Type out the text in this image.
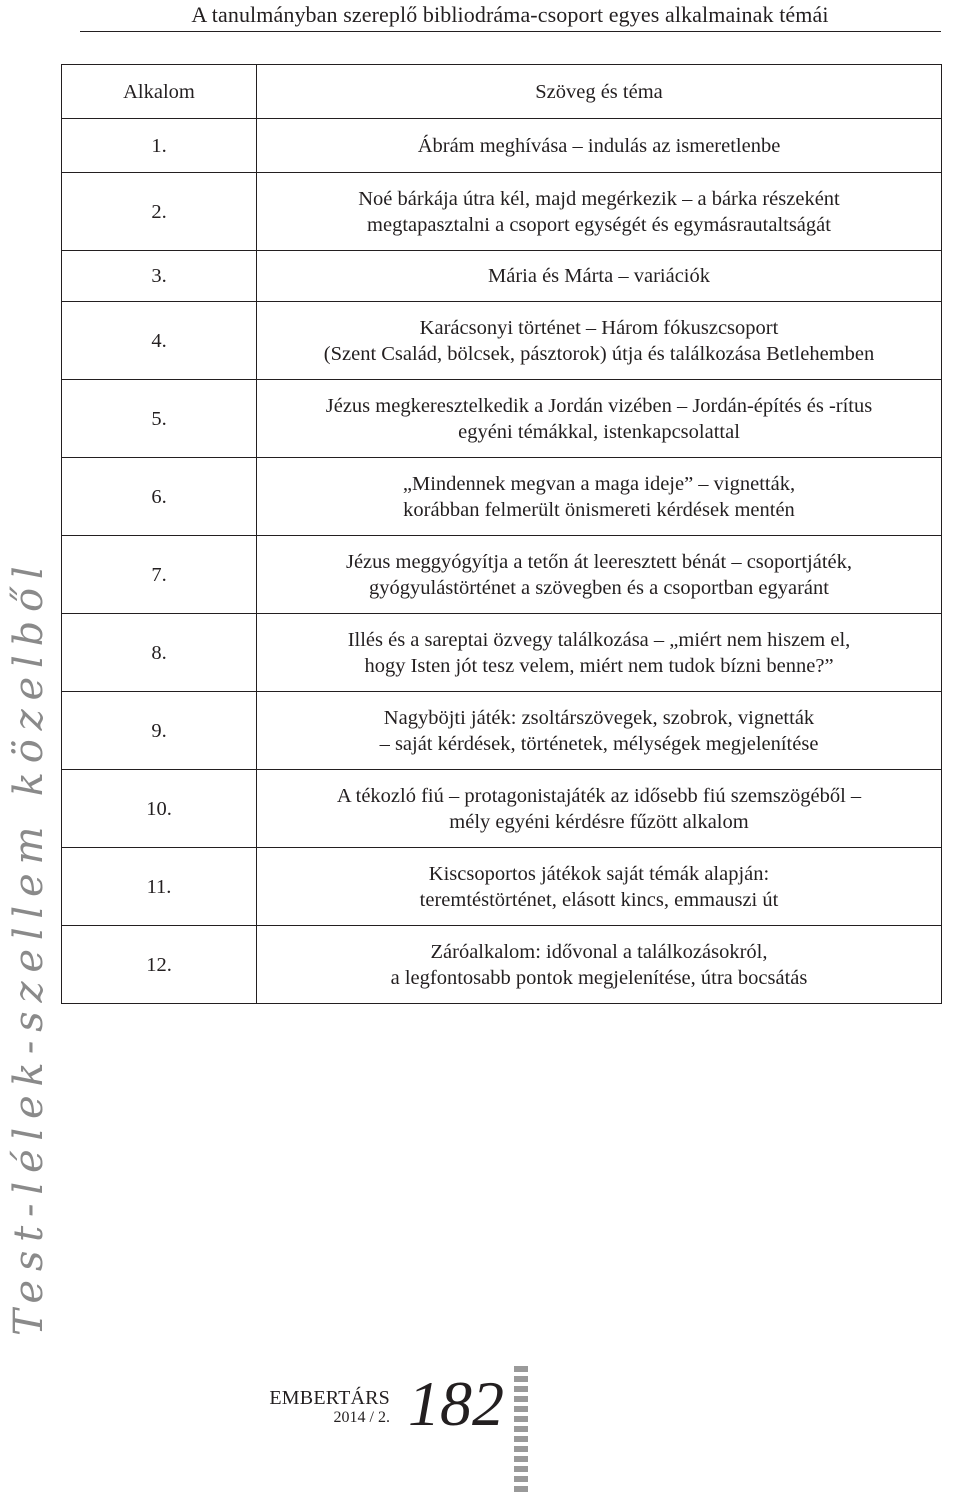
A tanulmányban szereplő bibliodráma-csoport egyes alkalmainak témái
Alkalom	Szöveg és téma
1.	Ábrám meghívása – indulás az ismeretlenbe
2.	Noé bárkája útra kél, majd megérkezik – a bárka részeként
megtapasztalni a csoport egységét és egymásrautaltságát
3.	Mária és Márta – variációk
4.	Karácsonyi történet – Három fókuszcsoport
(Szent Család, bölcsek, pásztorok) útja és találkozása Betlehemben
5.	Jézus megkeresztelkedik a Jordán vizében – Jordán-építés és -rítus
egyéni témákkal, istenkapcsolattal
6.	„Mindennek megvan a maga ideje” – vignetták,
korábban felmerült önismereti kérdések mentén
7.	Jézus meggyógyítja a tetőn át leeresztett bénát – csoportjáték,
gyógyulástörténet a szövegben és a csoportban egyaránt
8.	Illés és a sareptai özvegy találkozása – „miért nem hiszem el,
hogy Isten jót tesz velem, miért nem tudok bízni benne?”
9.	Nagyböjti játék: zsoltárszövegek, szobrok, vignetták
– saját kérdések, történetek, mélységek megjelenítése
10.	A tékozló fiú – protagonistajáték az idősebb fiú szemszögéből –
mély egyéni kérdésre fűzött alkalom
11.	Kiscsoportos játékok saját témák alapján:
teremtéstörténet, elásott kincs, emmauszi út
12.	Záróalkalom: idővonal a találkozásokról,
a legfontosabb pontok megjelenítése, útra bocsátás
Test-lélek-szellem közelből
EMBERTÁRS
2014 / 2. 182
